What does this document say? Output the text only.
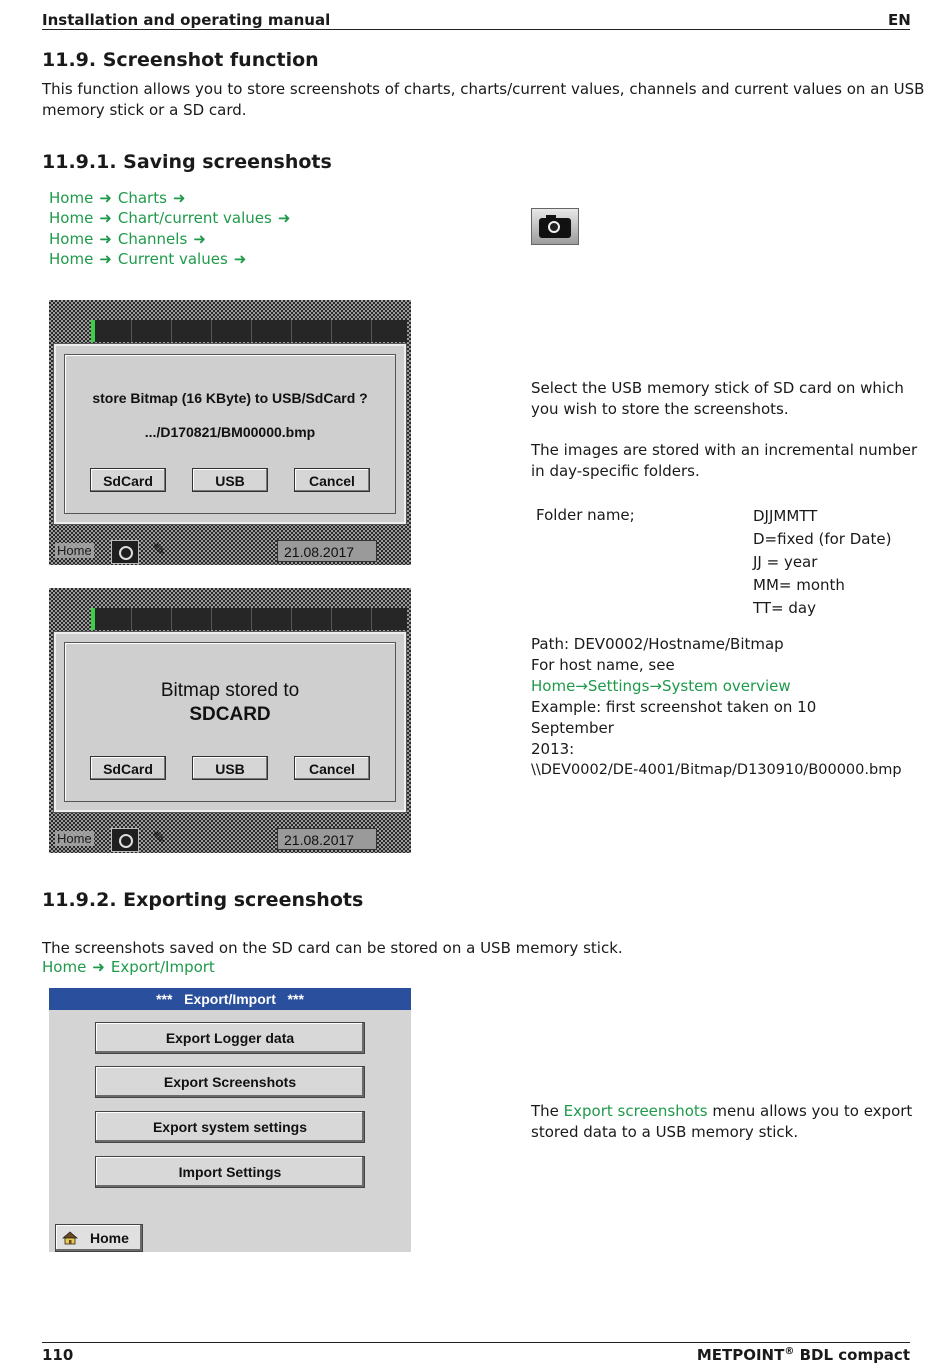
Installation and operating manual	EN
11.9. Screenshot function
This function allows you to store screenshots of charts, charts/current values, channels and current values on an USB
memory stick or a SD card.
11.9.1. Saving screenshots
Home ➜ Charts ➜
Home ➜ Chart/current values ➜
Home ➜ Channels ➜
Home ➜ Current values ➜
store Bitmap (16 KByte) to USB/SdCard ?
.../D170821/BM00000.bmp
SdCard	USB	Cancel
Home	✎	21.08.2017
Bitmap stored to
SDCARD
SdCard	USB	Cancel
Home	✎	21.08.2017
Select the USB memory stick of SD card on which
you wish to store the screenshots.
The images are stored with an incremental number
in day-specific folders.
Folder name;	DJJMMTT
D=fixed (for Date)
JJ = year
MM= month
TT= day
Path: DEV0002/Hostname/Bitmap
For host name, see
Home→Settings→System overview
Example: first screenshot taken on 10 September
2013:
\\DEV0002/DE-4001/Bitmap/D130910/B00000.bmp
11.9.2. Exporting screenshots
The screenshots saved on the SD card can be stored on a USB memory stick.
Home ➜ Export/Import
***   Export/Import   ***
Export Logger data
Export Screenshots
Export system settings
Import Settings
Home
The Export screenshots menu allows you to export
stored data to a USB memory stick.
110	METPOINT® BDL compact
